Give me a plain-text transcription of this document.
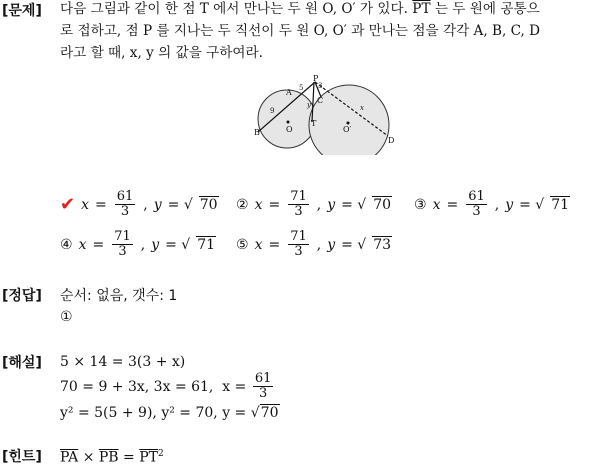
[문제] 다음 그림과 같이 한 점 T 에서 만나는 두 원 O, O′ 가 있다. $\overline{PT}$ 는 두 원에 공통으
로 접하고, 점 P 를 지나는 두 직선이 두 원 O, O′ 과 만나는 점을 각각 A, B, C, D
라고 할 때, x, y 의 값을 구하여라.
P
A
B
C
D
T
O	O′
9
5 3
x
y
✔ $x = \frac{61}{3}$ , y = √ 70 ② $x = \frac{71}{3}$ , y = √ 70 ③ $x = \frac{61}{3}$ , y = √ 71
④ $x = \frac{71}{3}$ , y = √ 71 ⑤ $x = \frac{71}{3}$ , y = √ 73
[정답] 순서: 없음, 갯수: 1
①
[해설] 5 × 14 = 3(3 + x)
70 = 9 + 3x, 3x = 61,  $x = \frac{61}{3}$
y² = 5(5 + 9), y² = 70, y = √70
[힌트] $\overline{PA} \times \overline{PB} = \overline{PT}^2$
